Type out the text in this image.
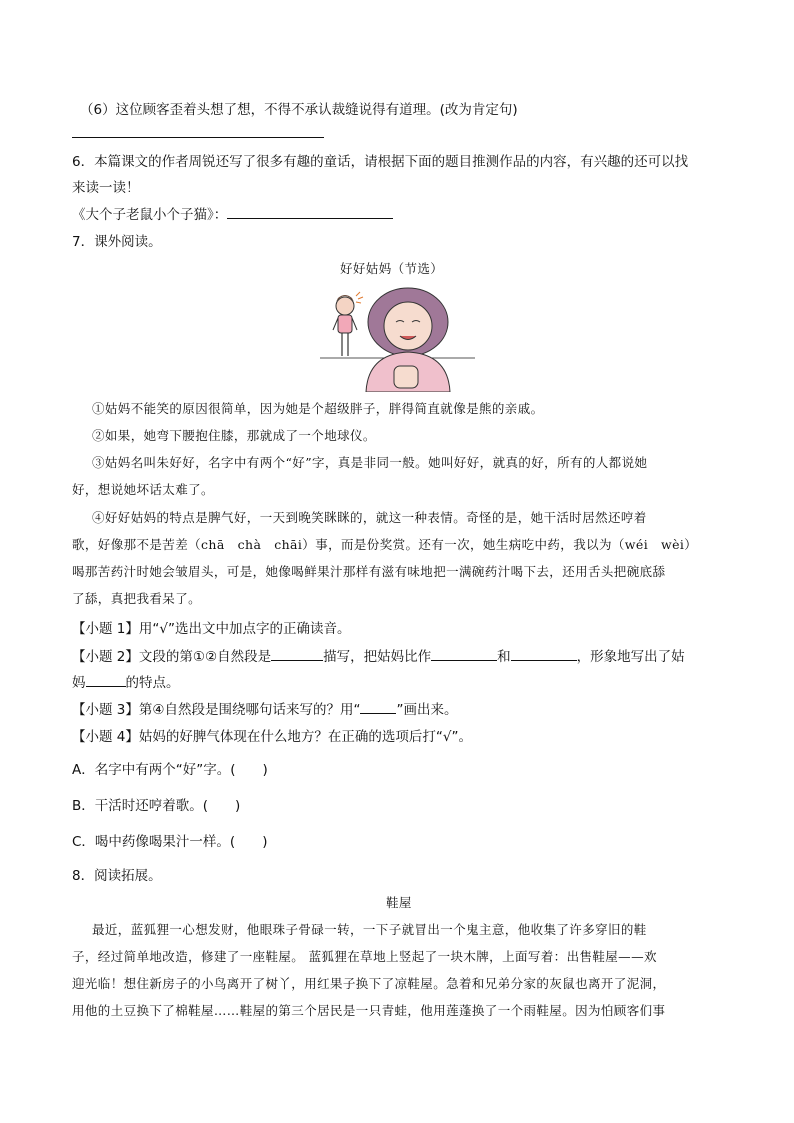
（6）这位顾客歪着头想了想，不得不承认裁缝说得有道理。(改为肯定句)
6．本篇课文的作者周锐还写了很多有趣的童话，请根据下面的题目推测作品的内容，有兴趣的还可以找
来读一读！
《大个子老鼠小个子猫》：
7．课外阅读。
好好姑妈（节选）
①姑妈不能笑的原因很简单，因为她是个超级胖子，胖得简直就像是熊的亲戚。
②如果，她弯下腰抱住膝，那就成了一个地球仪。
③姑妈名叫朱好好，名字中有两个“好”字，真是非同一般。她叫好好，就真的好，所有的人都说她
好，想说她坏话太难了。
④好好姑妈的特点是脾气好，一天到晚笑眯眯的，就这一种表情。奇怪的是，她干活时居然还哼着
歌，好像那不是苦差（chā　chà　chāi）事，而是份奖赏。还有一次，她生病吃中药，我以为（wéi　wèi）
喝那苦药汁时她会皱眉头，可是，她像喝鲜果汁那样有滋有味地把一满碗药汁喝下去，还用舌头把碗底舔
了舔，真把我看呆了。
【小题 1】用“√”选出文中加点字的正确读音。
【小题 2】文段的第①②自然段是	描写，把姑妈比作	和	，形象地写出了姑
妈	的特点。
【小题 3】第④自然段是围绕哪句话来写的？用“	”画出来。
【小题 4】姑妈的好脾气体现在什么地方？在正确的选项后打“√”。
A．名字中有两个“好”字。(　　)
B．干活时还哼着歌。(　　)
C．喝中药像喝果汁一样。(　　)
8．阅读拓展。
鞋屋
最近，蓝狐狸一心想发财，他眼珠子骨碌一转，一下子就冒出一个鬼主意，他收集了许多穿旧的鞋
子，经过简单地改造，修建了一座鞋屋。 蓝狐狸在草地上竖起了一块木牌，上面写着：出售鞋屋——欢
迎光临！想住新房子的小鸟离开了树丫，用红果子换下了凉鞋屋。急着和兄弟分家的灰鼠也离开了泥洞，
用他的土豆换下了棉鞋屋……鞋屋的第三个居民是一只青蛙，他用莲蓬换了一个雨鞋屋。因为怕顾客们事
